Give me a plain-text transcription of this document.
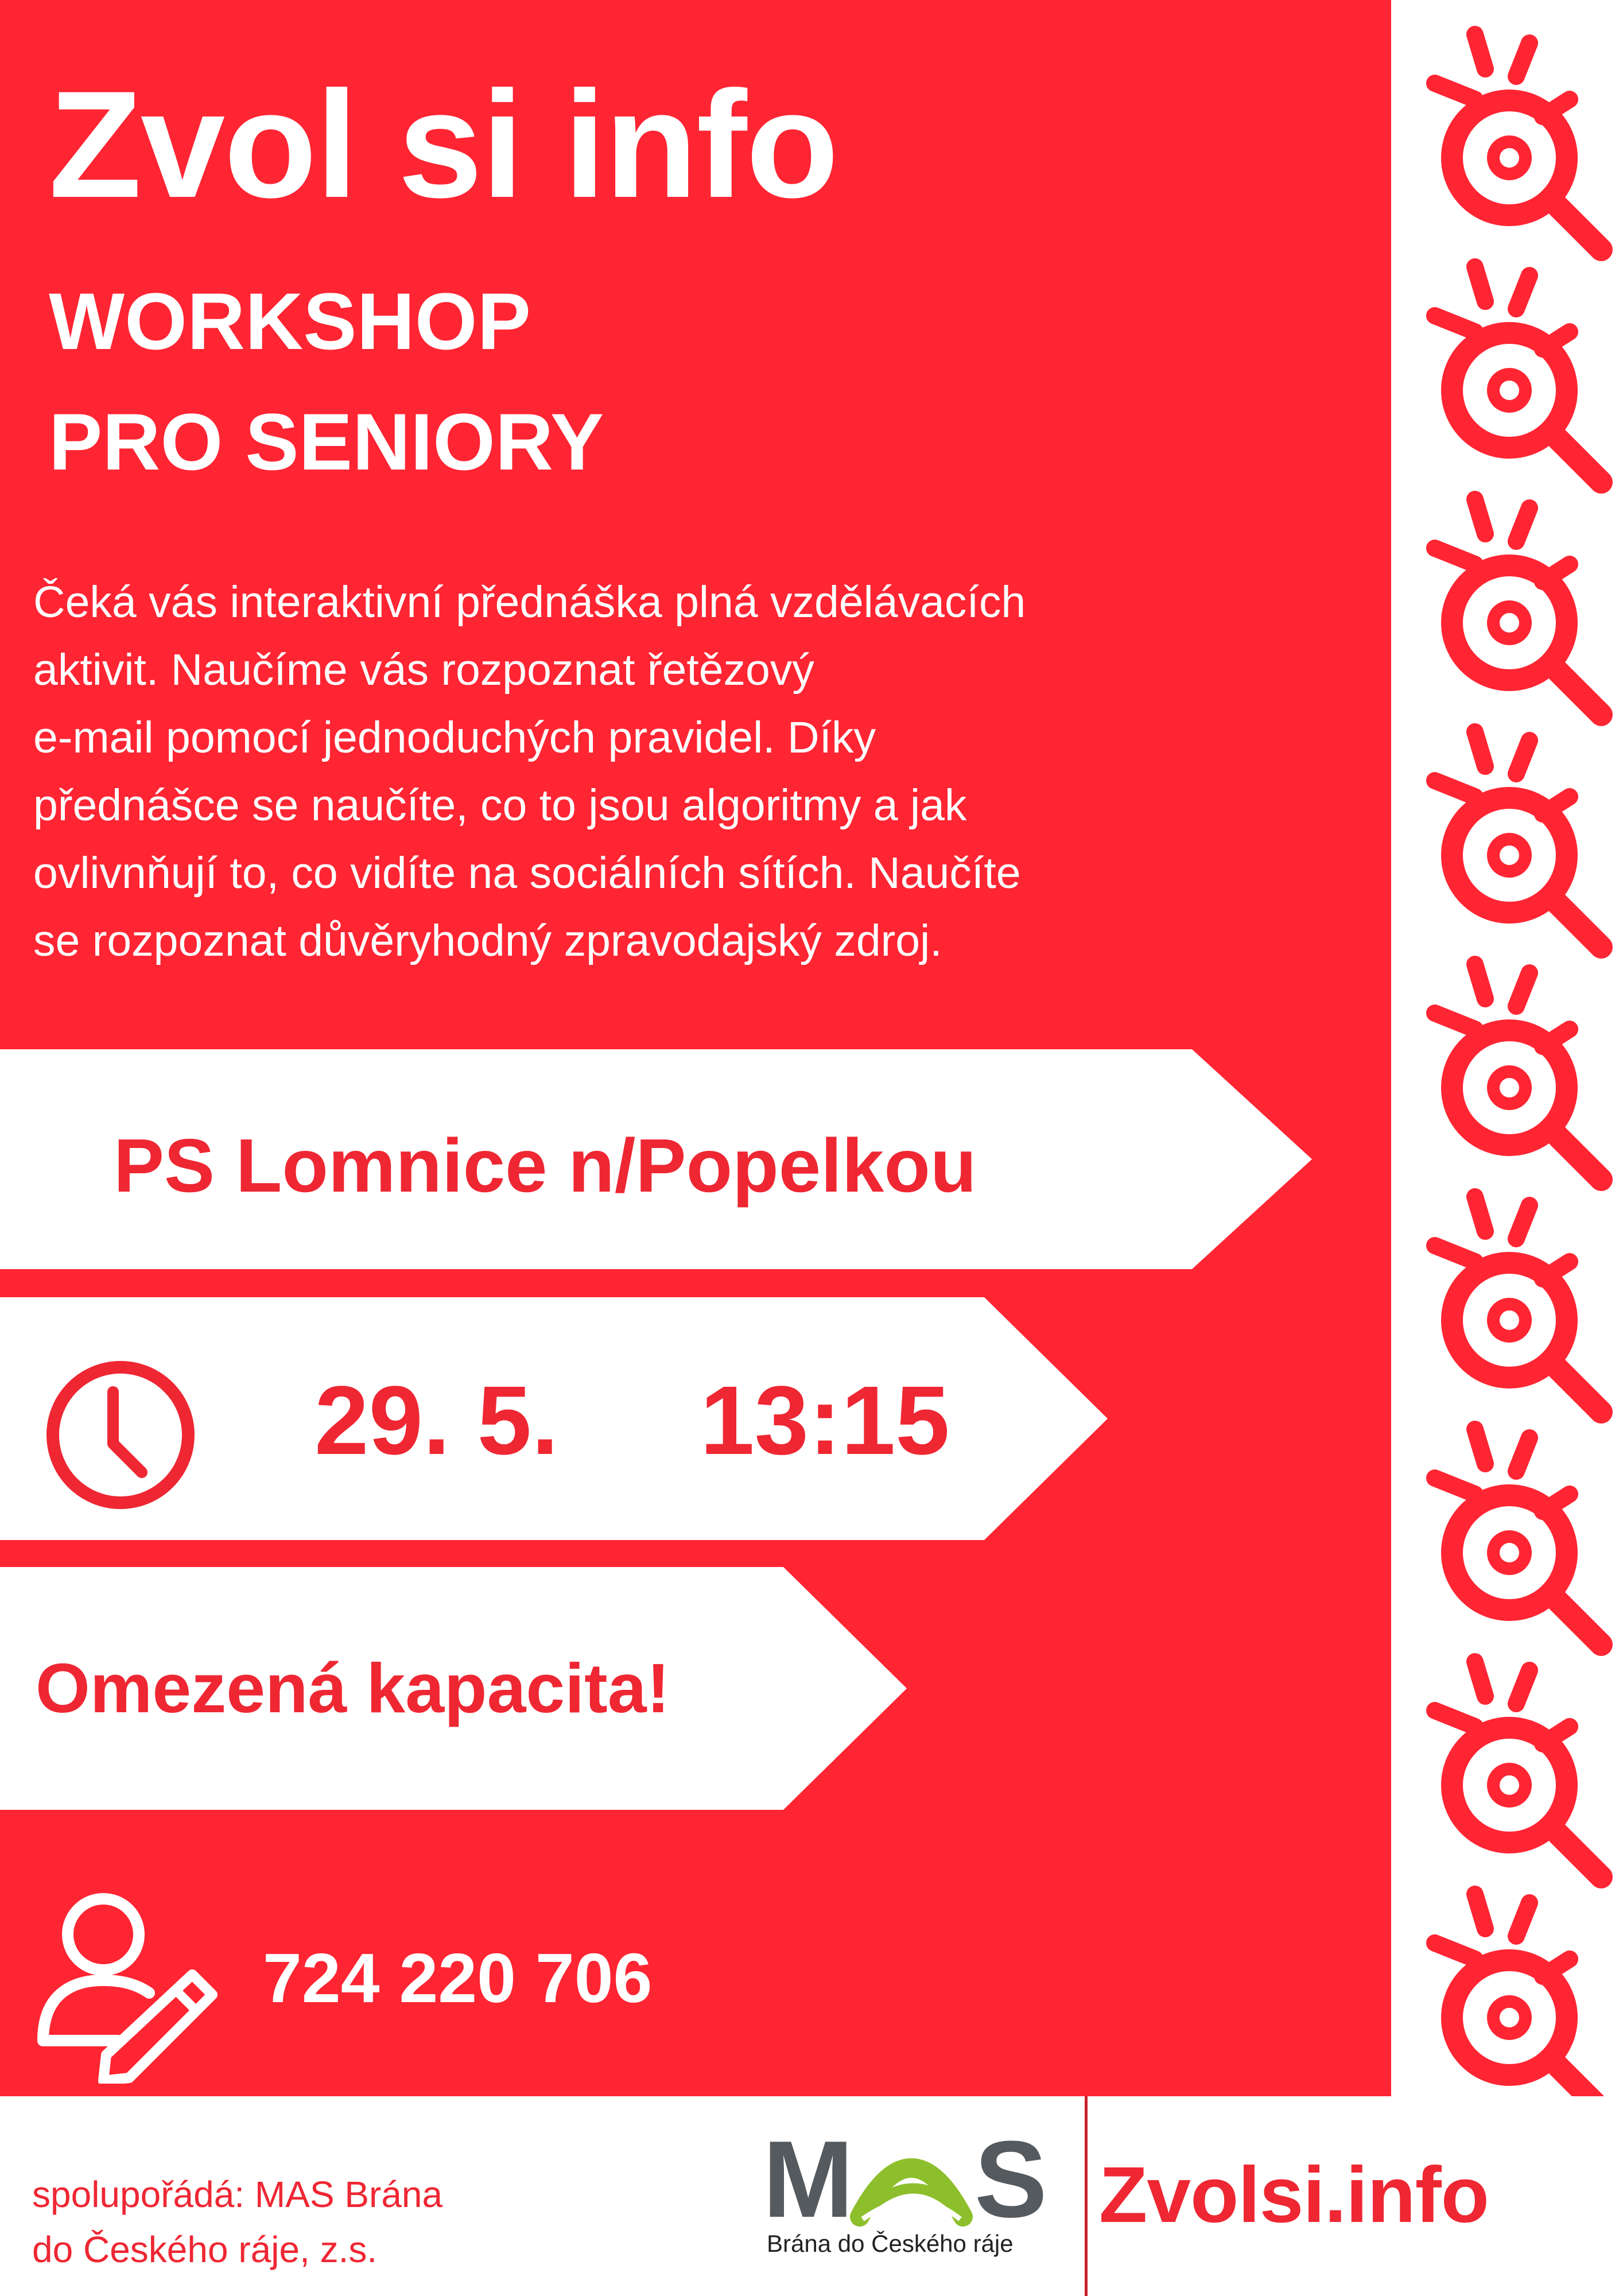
Zvol si info
WORKSHOP
PRO SENIORY
Čeká vás interaktivní přednáška plná vzdělávacích
aktivit. Naučíme vás rozpoznat řetězový
e-mail pomocí jednoduchých pravidel. Díky
přednášce se naučíte, co to jsou algoritmy a jak
ovlivnňují to, co vidíte na sociálních sítích. Naučíte
se rozpoznat důvěryhodný zpravodajský zdroj.
PS Lomnice n/Popelkou
29. 5. 13:15
Omezená kapacita!
724 220 706
spolupořádá: MAS Brána
do Českého ráje, z.s.
M S
Brána do Českého ráje
Zvolsi.info
